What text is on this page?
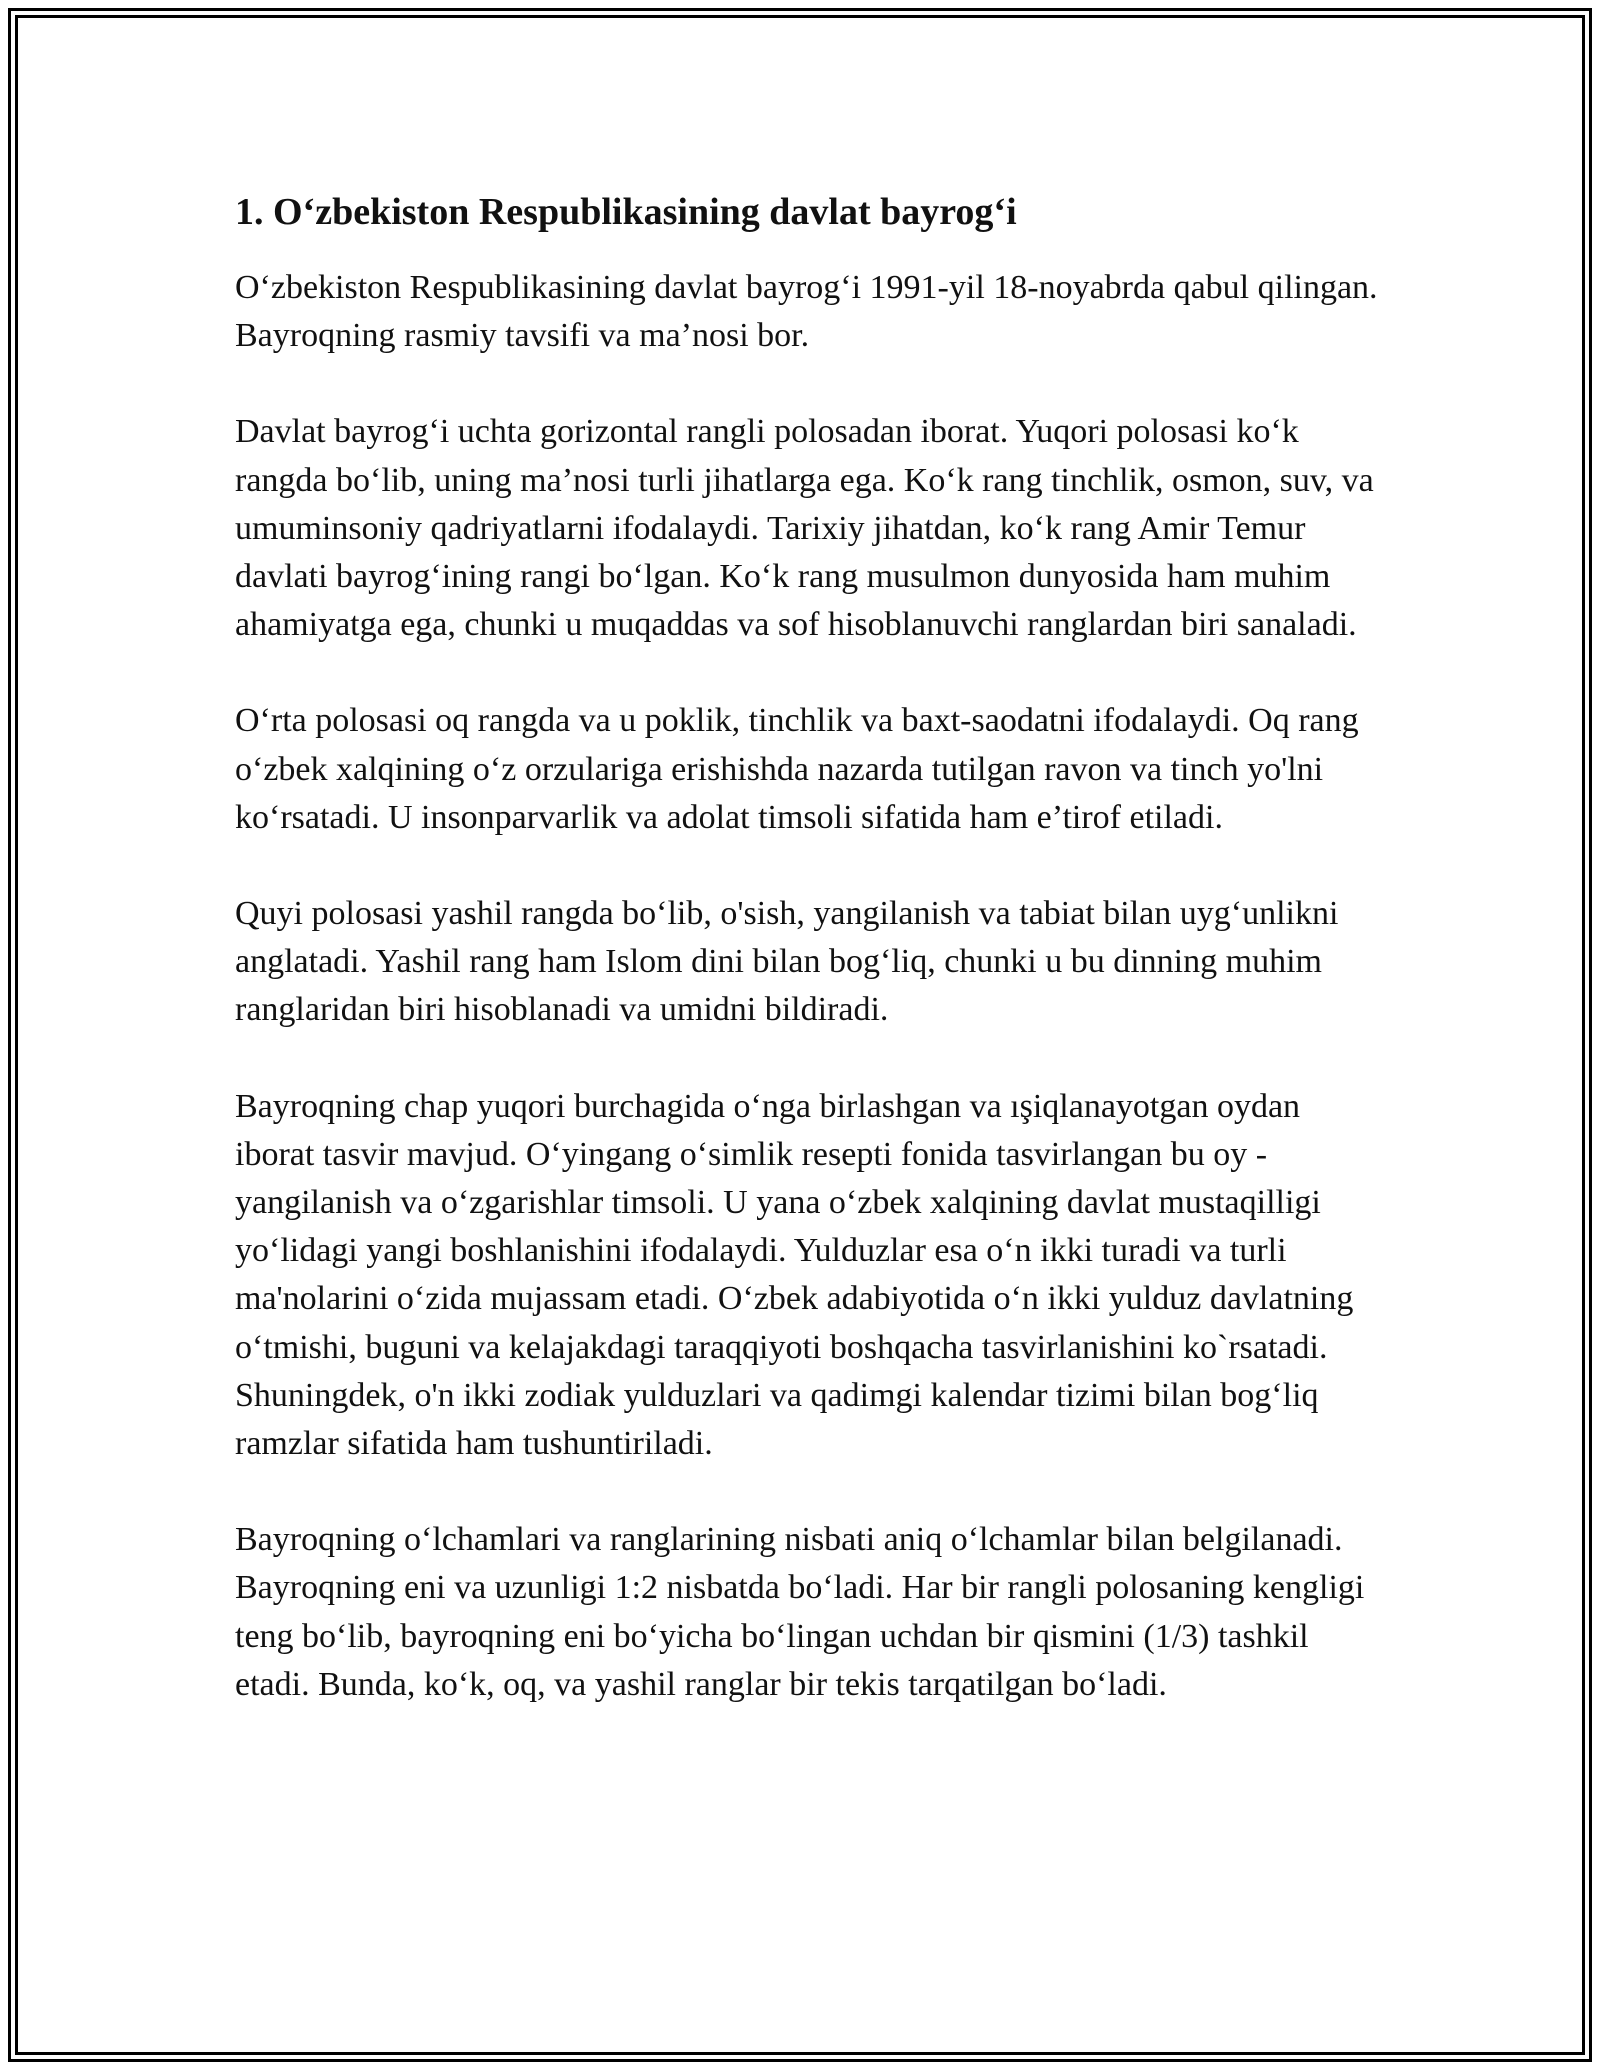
1. O‘zbekiston Respublikasining davlat bayrog‘i

O‘zbekiston Respublikasining davlat bayrog‘i 1991-yil 18-noyabrda qabul qilingan. Bayroqning rasmiy tavsifi va ma’nosi bor.

Davlat bayrog‘i uchta gorizontal rangli polosadan iborat. Yuqori polosasi ko‘k rangda bo‘lib, uning ma’nosi turli jihatlarga ega. Ko‘k rang tinchlik, osmon, suv, va umuminsoniy qadriyatlarni ifodalaydi. Tarixiy jihatdan, ko‘k rang Amir Temur davlati bayrog‘ining rangi bo‘lgan. Ko‘k rang musulmon dunyosida ham muhim ahamiyatga ega, chunki u muqaddas va sof hisoblanuvchi ranglardan biri sanaladi.

O‘rta polosasi oq rangda va u poklik, tinchlik va baxt-saodatni ifodalaydi. Oq rang o‘zbek xalqining o‘z orzulariga erishishda nazarda tutilgan ravon va tinch yo'lni ko‘rsatadi. U insonparvarlik va adolat timsoli sifatida ham e’tirof etiladi.

Quyi polosasi yashil rangda bo‘lib, o'sish, yangilanish va tabiat bilan uyg‘unlikni anglatadi. Yashil rang ham Islom dini bilan bog‘liq, chunki u bu dinning muhim ranglaridan biri hisoblanadi va umidni bildiradi.

Bayroqning chap yuqori burchagida o‘nga birlashgan va ışiqlanayotgan oydan iborat tasvir mavjud. O‘yingang o‘simlik resepti fonida tasvirlangan bu oy - yangilanish va o‘zgarishlar timsoli. U yana o‘zbek xalqining davlat mustaqilligi yo‘lidagi yangi boshlanishini ifodalaydi. Yulduzlar esa o‘n ikki turadi va turli ma'nolarini o‘zida mujassam etadi. O‘zbek adabiyotida o‘n ikki yulduz davlatning o‘tmishi, buguni va kelajakdagi taraqqiyoti boshqacha tasvirlanishini ko`rsatadi. Shuningdek, o'n ikki zodiak yulduzlari va qadimgi kalendar tizimi bilan bog‘liq ramzlar sifatida ham tushuntiriladi.

Bayroqning o‘lchamlari va ranglarining nisbati aniq o‘lchamlar bilan belgilanadi. Bayroqning eni va uzunligi 1:2 nisbatda bo‘ladi. Har bir rangli polosaning kengligi teng bo‘lib, bayroqning eni bo‘yicha bo‘lingan uchdan bir qismini (1/3) tashkil etadi. Bunda, ko‘k, oq, va yashil ranglar bir tekis tarqatilgan bo‘ladi.
